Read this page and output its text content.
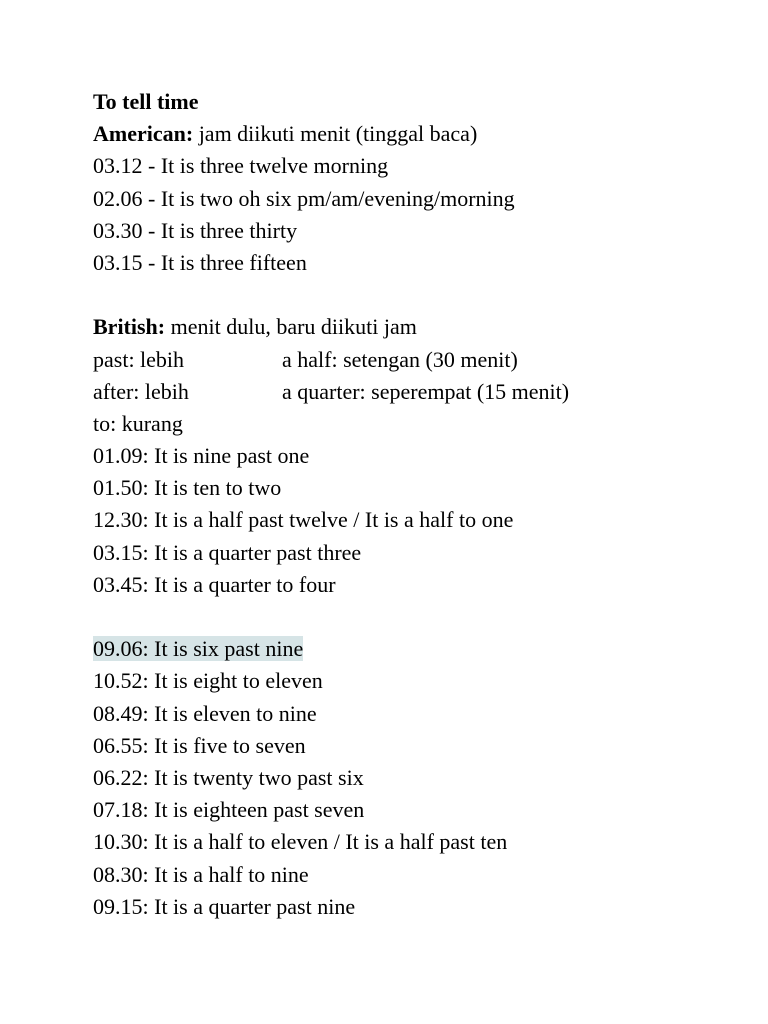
To tell time
American: jam diikuti menit (tinggal baca)
03.12 - It is three twelve morning
02.06 - It is two oh six pm/am/evening/morning
03.30 - It is three thirty
03.15 - It is three fifteen
British: menit dulu, baru diikuti jam
past: lebih	a half: setengan (30 menit)
after: lebih	a quarter: seperempat (15 menit)
to: kurang
01.09: It is nine past one
01.50: It is ten to two
12.30: It is a half past twelve / It is a half to one
03.15: It is a quarter past three
03.45: It is a quarter to four
09.06: It is six past nine
10.52: It is eight to eleven
08.49: It is eleven to nine
06.55: It is five to seven
06.22: It is twenty two past six
07.18: It is eighteen past seven
10.30: It is a half to eleven / It is a half past ten
08.30: It is a half to nine
09.15: It is a quarter past nine
